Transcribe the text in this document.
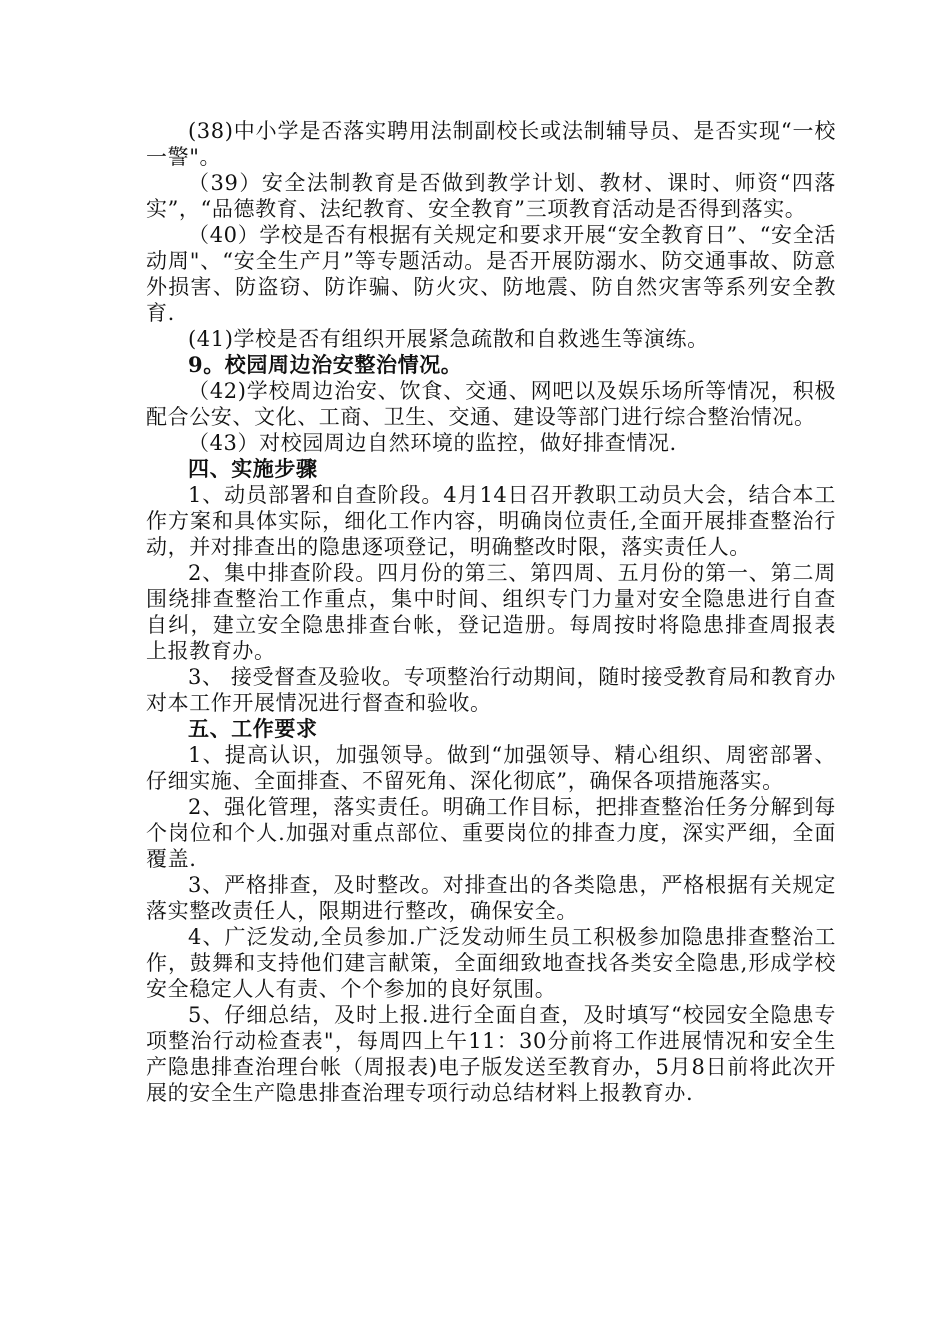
(38)中小学是否落实聘用法制副校长或法制辅导员、是否实现“一校一警"。

（39）安全法制教育是否做到教学计划、教材、课时、师资“四落实”，“品德教育、法纪教育、安全教育”三项教育活动是否得到落实。

（40）学校是否有根据有关规定和要求开展“安全教育日”、“安全活动周"、“安全生产月”等专题活动。是否开展防溺水、防交通事故、防意外损害、防盗窃、防诈骗、防火灾、防地震、防自然灾害等系列安全教育.

(41)学校是否有组织开展紧急疏散和自救逃生等演练。

9。校园周边治安整治情况。

（42)学校周边治安、饮食、交通、网吧以及娱乐场所等情况，积极配合公安、文化、工商、卫生、交通、建设等部门进行综合整治情况。

（43）对校园周边自然环境的监控，做好排查情况.

四、实施步骤

1、动员部署和自查阶段。4月14日召开教职工动员大会，结合本工作方案和具体实际，细化工作内容，明确岗位责任,全面开展排查整治行动，并对排查出的隐患逐项登记，明确整改时限，落实责任人。

2、集中排查阶段。四月份的第三、第四周、五月份的第一、第二周围绕排查整治工作重点，集中时间、组织专门力量对安全隐患进行自查自纠，建立安全隐患排查台帐，登记造册。每周按时将隐患排查周报表上报教育办。

3、 接受督查及验收。专项整治行动期间，随时接受教育局和教育办对本工作开展情况进行督查和验收。

五、工作要求

1、提高认识，加强领导。做到“加强领导、精心组织、周密部署、仔细实施、全面排查、不留死角、深化彻底”，确保各项措施落实。

2、强化管理，落实责任。明确工作目标，把排查整治任务分解到每个岗位和个人.加强对重点部位、重要岗位的排查力度，深实严细，全面覆盖.

3、严格排查，及时整改。对排查出的各类隐患，严格根据有关规定落实整改责任人，限期进行整改，确保安全。

4、广泛发动,全员参加.广泛发动师生员工积极参加隐患排查整治工作，鼓舞和支持他们建言献策，全面细致地查找各类安全隐患,形成学校安全稳定人人有责、个个参加的良好氛围。

5、仔细总结，及时上报.进行全面自查，及时填写“校园安全隐患专项整治行动检查表"，每周四上午11：30分前将工作进展情况和安全生产隐患排查治理台帐（周报表)电子版发送至教育办，5月8日前将此次开展的安全生产隐患排查治理专项行动总结材料上报教育办.
